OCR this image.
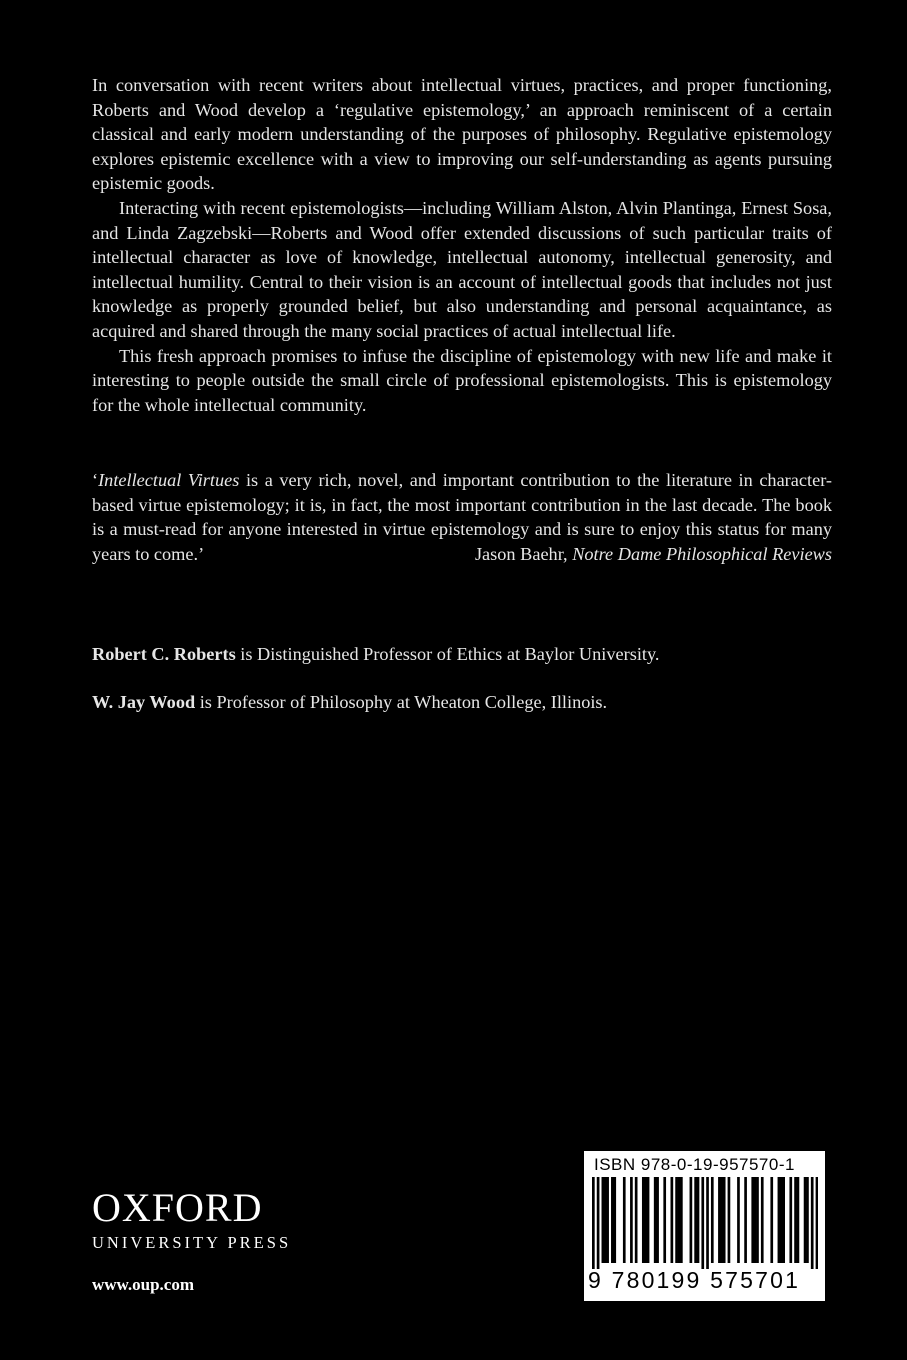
In conversation with recent writers about intellectual virtues, practices, and proper functioning, Roberts and Wood develop a ‘regulative epistemology,’ an approach reminiscent of a certain classical and early modern understanding of the purposes of philosophy. Regulative epistemology explores epistemic excellence with a view to improving our self-understanding as agents pursuing epistemic goods.

Interacting with recent epistemologists—including William Alston, Alvin Plantinga, Ernest Sosa, and Linda Zagzebski—Roberts and Wood offer extended discussions of such particular traits of intellectual character as love of knowledge, intellectual autonomy, intellectual generosity, and intellectual humility. Central to their vision is an account of intellectual goods that includes not just knowledge as properly grounded belief, but also understanding and personal acquaintance, as acquired and shared through the many social practices of actual intellectual life.

This fresh approach promises to infuse the discipline of epistemology with new life and make it interesting to people outside the small circle of professional epistemologists. This is epistemology for the whole intellectual community.

‘Intellectual Virtues is a very rich, novel, and important contribution to the literature in character-based virtue epistemology; it is, in fact, the most important contribution in the last decade. The book is a must-read for anyone interested in virtue epistemology and is sure to enjoy this status for many years to come.’	Jason Baehr, Notre Dame Philosophical Reviews

Robert C. Roberts is Distinguished Professor of Ethics at Baylor University.

W. Jay Wood is Professor of Philosophy at Wheaton College, Illinois.

OXFORD
UNIVERSITY PRESS
www.oup.com
ISBN 978-0-19-957570-1
9 780199 575701
